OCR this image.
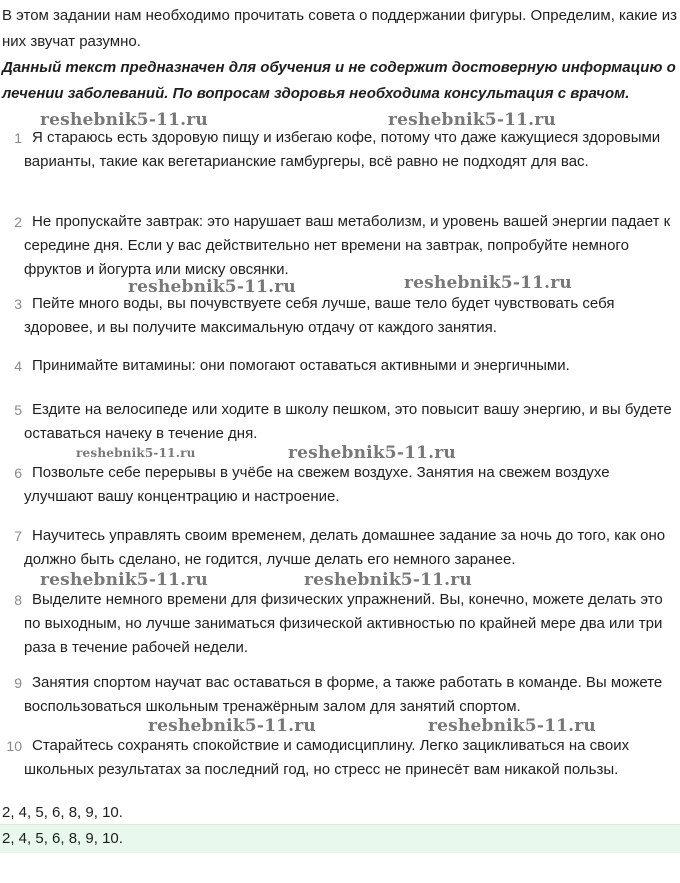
В этом задании нам необходимо прочитать совета о поддержании фигуры. Определим, какие из них звучат разумно.

Данный текст предназначен для обучения и не содержит достоверную информацию о лечении заболеваний. По вопросам здоровья необходима консультация с врачом.

1 Я стараюсь есть здоровую пищу и избегаю кофе, потому что даже кажущиеся здоровыми варианты, такие как вегетарианские гамбургеры, всё равно не подходят для вас.
2 Не пропускайте завтрак: это нарушает ваш метаболизм, и уровень вашей энергии падает к середине дня. Если у вас действительно нет времени на завтрак, попробуйте немного фруктов и йогурта или миску овсянки.
3 Пейте много воды, вы почувствуете себя лучше, ваше тело будет чувствовать себя здоровее, и вы получите максимальную отдачу от каждого занятия.
4 Принимайте витамины: они помогают оставаться активными и энергичными.
5 Ездите на велосипеде или ходите в школу пешком, это повысит вашу энергию, и вы будете оставаться начеку в течение дня.
6 Позвольте себе перерывы в учёбе на свежем воздухе. Занятия на свежем воздухе улучшают вашу концентрацию и настроение.
7 Научитесь управлять своим временем, делать домашнее задание за ночь до того, как оно должно быть сделано, не годится, лучше делать его немного заранее.
8 Выделите немного времени для физических упражнений. Вы, конечно, можете делать это по выходным, но лучше заниматься физической активностью по крайней мере два или три раза в течение рабочей недели.
9 Занятия спортом научат вас оставаться в форме, а также работать в команде. Вы можете воспользоваться школьным тренажёрным залом для занятий спортом.
10 Старайтесь сохранять спокойствие и самодисциплину. Легко зацикливаться на своих школьных результатах за последний год, но стресс не принесёт вам никакой пользы.

2, 4, 5, 6, 8, 9, 10.

2, 4, 5, 6, 8, 9, 10.
reshebnik5-11.ru	reshebnik5-11.ru
reshebnik5-11.ru	reshebnik5-11.ru
reshebnik5-11.ru	reshebnik5-11.ru
reshebnik5-11.ru	reshebnik5-11.ru
reshebnik5-11.ru	reshebnik5-11.ru
